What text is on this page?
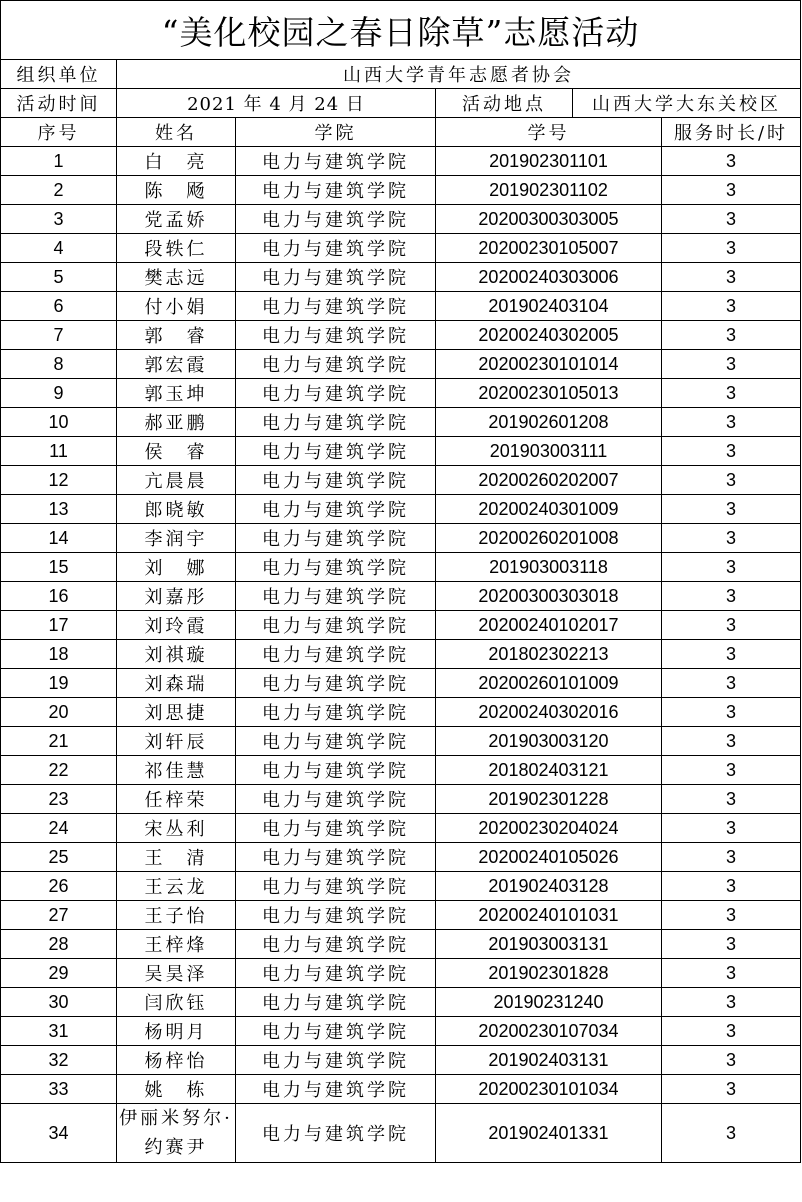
“美化校园之春日除草”志愿活动					
组织单位	山西大学青年志愿者协会				
活动时间	2021 年 4 月 24 日		活动地点	山西大学大东关校区	
序号	姓名	学院	学号		服务时长/时
1	白　亮	电力与建筑学院	201902301101		3
2	陈　飏	电力与建筑学院	201902301102		3
3	党孟娇	电力与建筑学院	20200300303005		3
4	段轶仁	电力与建筑学院	20200230105007		3
5	樊志远	电力与建筑学院	20200240303006		3
6	付小娟	电力与建筑学院	201902403104		3
7	郭　睿	电力与建筑学院	20200240302005		3
8	郭宏霞	电力与建筑学院	20200230101014		3
9	郭玉坤	电力与建筑学院	20200230105013		3
10	郝亚鹏	电力与建筑学院	201902601208		3
11	侯　睿	电力与建筑学院	201903003111		3
12	亢晨晨	电力与建筑学院	20200260202007		3
13	郎晓敏	电力与建筑学院	20200240301009		3
14	李润宇	电力与建筑学院	20200260201008		3
15	刘　娜	电力与建筑学院	201903003118		3
16	刘嘉彤	电力与建筑学院	20200300303018		3
17	刘玲霞	电力与建筑学院	20200240102017		3
18	刘祺璇	电力与建筑学院	201802302213		3
19	刘森瑞	电力与建筑学院	20200260101009		3
20	刘思捷	电力与建筑学院	20200240302016		3
21	刘轩辰	电力与建筑学院	201903003120		3
22	祁佳慧	电力与建筑学院	201802403121		3
23	任梓荣	电力与建筑学院	201902301228		3
24	宋丛利	电力与建筑学院	20200230204024		3
25	王　清	电力与建筑学院	20200240105026		3
26	王云龙	电力与建筑学院	201902403128		3
27	王子怡	电力与建筑学院	20200240101031		3
28	王梓烽	电力与建筑学院	201903003131		3
29	吴昊泽	电力与建筑学院	201902301828		3
30	闫欣钰	电力与建筑学院	20190231240		3
31	杨明月	电力与建筑学院	20200230107034		3
32	杨梓怡	电力与建筑学院	201902403131		3
33	姚　栋	电力与建筑学院	20200230101034		3
34	伊丽米努尔·约赛尹	电力与建筑学院	201902401331		3
